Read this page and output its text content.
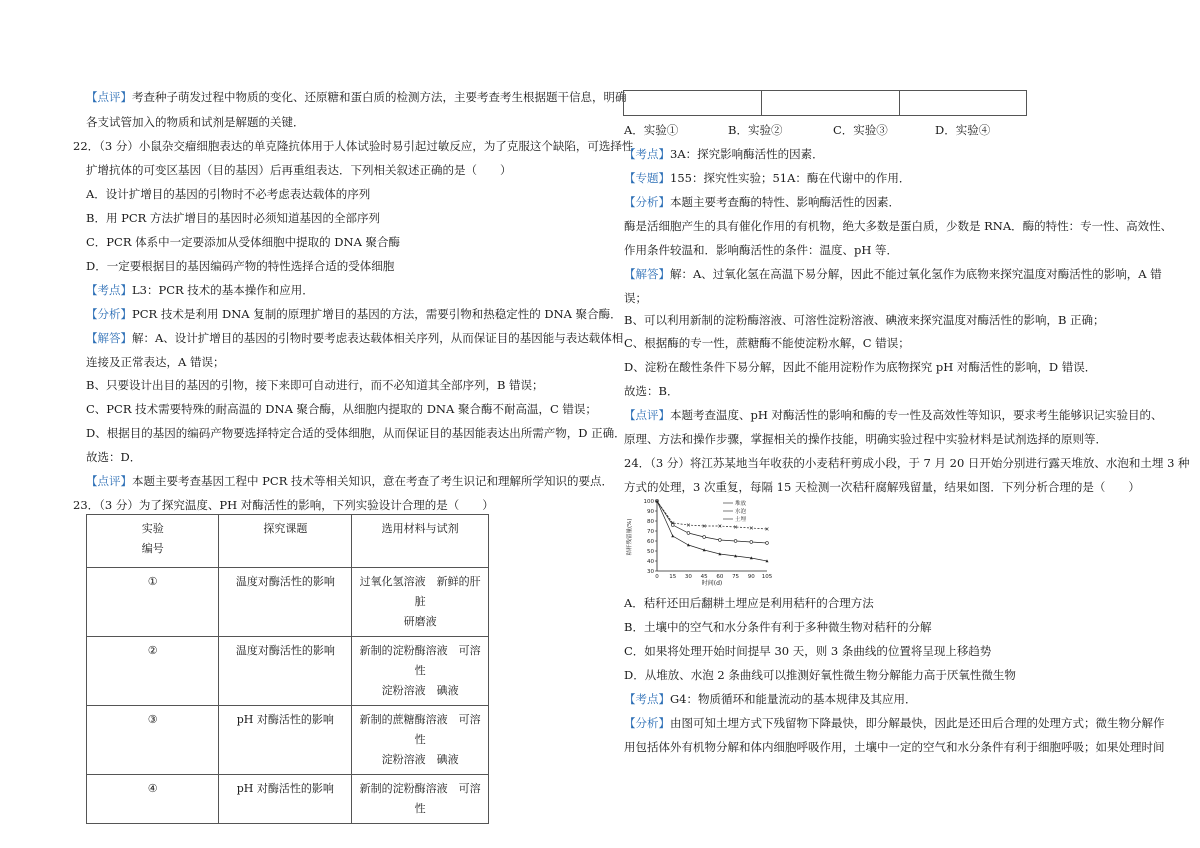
【点评】考查种子萌发过程中物质的变化、还原糖和蛋白质的检测方法，主要考查考生根据题干信息，明确
各支试管加入的物质和试剂是解题的关键．
22．（3 分）小鼠杂交瘤细胞表达的单克隆抗体用于人体试验时易引起过敏反应，为了克服这个缺陷，可选择性
扩增抗体的可变区基因（目的基因）后再重组表达．下列相关叙述正确的是（　　）
A．设计扩增目的基因的引物时不必考虑表达载体的序列
B．用 PCR 方法扩增目的基因时必须知道基因的全部序列
C．PCR 体系中一定要添加从受体细胞中提取的 DNA 聚合酶
D．一定要根据目的基因编码产物的特性选择合适的受体细胞
【考点】L3：PCR 技术的基本操作和应用．
【分析】PCR 技术是利用 DNA 复制的原理扩增目的基因的方法，需要引物和热稳定性的 DNA 聚合酶．
【解答】解：A、设计扩增目的基因的引物时要考虑表达载体相关序列，从而保证目的基因能与表达载体相
连接及正常表达，A 错误；
B、只要设计出目的基因的引物，接下来即可自动进行，而不必知道其全部序列，B 错误；
C、PCR 技术需要特殊的耐高温的 DNA 聚合酶，从细胞内提取的 DNA 聚合酶不耐高温，C 错误；
D、根据目的基因的编码产物要选择特定合适的受体细胞，从而保证目的基因能表达出所需产物，D 正确．
故选：D．
【点评】本题主要考查基因工程中 PCR 技术等相关知识，意在考查了考生识记和理解所学知识的要点．
23．（3 分）为了探究温度、PH 对酶活性的影响，下列实验设计合理的是（　　）
A．实验①	B．实验②	C．实验③	D．实验④
【考点】3A：探究影响酶活性的因素．
【专题】155：探究性实验；51A：酶在代谢中的作用．
【分析】本题主要考查酶的特性、影响酶活性的因素．
酶是活细胞产生的具有催化作用的有机物，绝大多数是蛋白质，少数是 RNA．酶的特性：专一性、高效性、
作用条件较温和．影响酶活性的条件：温度、pH 等．
【解答】解：A、过氧化氢在高温下易分解，因此不能过氧化氢作为底物来探究温度对酶活性的影响，A 错
误；
B、可以利用新制的淀粉酶溶液、可溶性淀粉溶液、碘液来探究温度对酶活性的影响，B 正确；
C、根据酶的专一性，蔗糖酶不能使淀粉水解，C 错误；
D、淀粉在酸性条件下易分解，因此不能用淀粉作为底物探究 pH 对酶活性的影响，D 错误．
故选：B．
【点评】本题考查温度、pH 对酶活性的影响和酶的专一性及高效性等知识，要求考生能够识记实验目的、
原理、方法和操作步骤，掌握相关的操作技能，明确实验过程中实验材料是试剂选择的原则等．
24．（3 分）将江苏某地当年收获的小麦秸秆剪成小段，于 7 月 20 日开始分别进行露天堆放、水泡和土埋 3 种
方式的处理，3 次重复，每隔 15 天检测一次秸秆腐解残留量，结果如图．下列分析合理的是（　　）
A．秸秆还田后翻耕土埋应是利用秸秆的合理方法
B．土壤中的空气和水分条件有利于多种微生物对秸秆的分解
C．如果将处理开始时间提早 30 天，则 3 条曲线的位置将呈现上移趋势
D．从堆放、水泡 2 条曲线可以推测好氧性微生物分解能力高于厌氧性微生物
【考点】G4：物质循环和能量流动的基本规律及其应用．
【分析】由图可知土埋方式下残留物下降最快，即分解最快，因此是还田后合理的处理方式；微生物分解作
用包括体外有机物分解和体内细胞呼吸作用，土壤中一定的空气和水分条件有利于细胞呼吸；如果处理时间
实验
编号	探究课题	选用材料与试剂

①	温度对酶活性的影响	过氧化氢溶液　新鲜的肝脏
研磨液

②	温度对酶活性的影响	新制的淀粉酶溶液　可溶性
淀粉溶液　碘液

③	pH 对酶活性的影响	新制的蔗糖酶溶液　可溶性
淀粉溶液　碘液

④	pH 对酶活性的影响	新制的淀粉酶溶液　可溶性

30
40
50
60
70
80
90
100
0 15 30 45 60 75 90 105
时间(d)
秸秆残留量(%)
堆放
水泡
土埋
